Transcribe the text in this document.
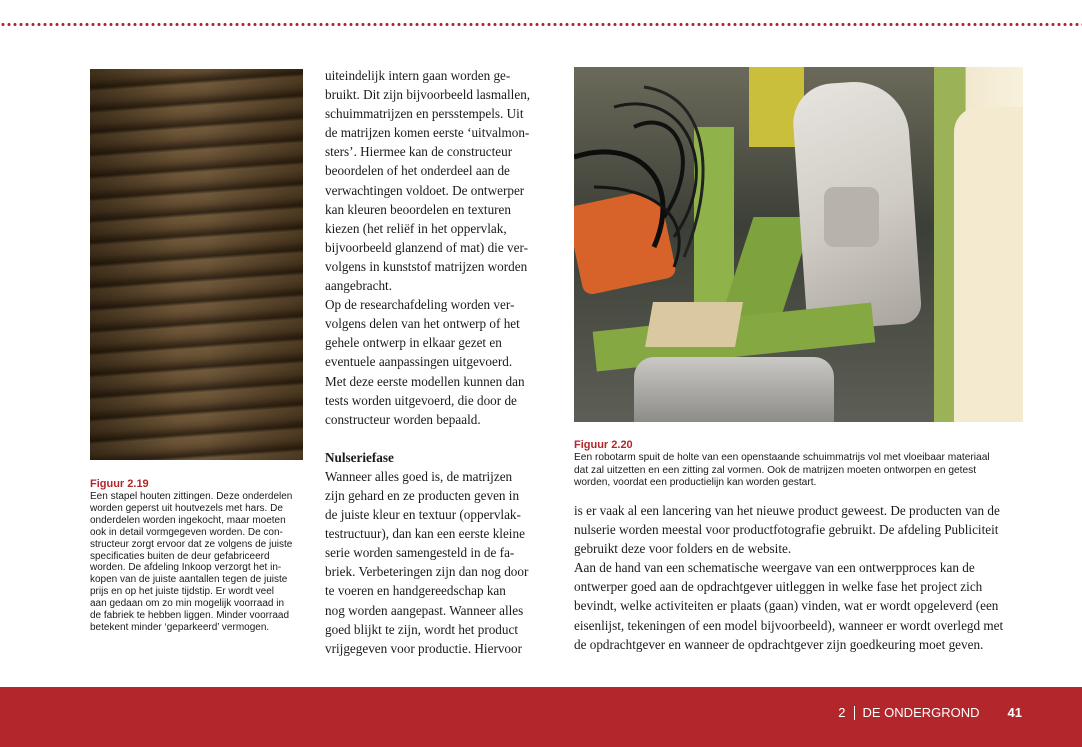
Figuur 2.19
Een stapel houten zittingen. Deze onderdelen
worden geperst uit houtvezels met hars. De
onderdelen worden ingekocht, maar moeten
ook in detail vormgegeven worden. De con-
structeur zorgt ervoor dat ze volgens de juiste
specificaties buiten de deur gefabriceerd
worden. De afdeling Inkoop verzorgt het in-
kopen van de juiste aantallen tegen de juiste
prijs en op het juiste tijdstip. Er wordt veel
aan gedaan om zo min mogelijk voorraad in
de fabriek te hebben liggen. Minder voorraad
betekent minder ‘geparkeerd’ vermogen.

uiteindelijk intern gaan worden ge-
bruikt. Dit zijn bijvoorbeeld lasmallen,
schuimmatrijzen en persstempels. Uit
de matrijzen komen eerste ‘uitvalmon-
sters’. Hiermee kan de constructeur
beoordelen of het onderdeel aan de
verwachtingen voldoet. De ontwerper
kan kleuren beoordelen en texturen
kiezen (het reliëf in het oppervlak,
bijvoorbeeld glanzend of mat) die ver-
volgens in kunststof matrijzen worden
aangebracht.

Op de researchafdeling worden ver-
volgens delen van het ontwerp of het
gehele ontwerp in elkaar gezet en
eventuele aanpassingen uitgevoerd.
Met deze eerste modellen kunnen dan
tests worden uitgevoerd, die door de
constructeur worden bepaald.

Nulseriefase

Wanneer alles goed is, de matrijzen
zijn gehard en ze producten geven in
de juiste kleur en textuur (oppervlak-
testructuur), dan kan een eerste kleine
serie worden samengesteld in de fa-
briek. Verbeteringen zijn dan nog door
te voeren en handgereedschap kan
nog worden aangepast. Wanneer alles
goed blijkt te zijn, wordt het product
vrijgegeven voor productie. Hiervoor

Figuur 2.20
Een robotarm spuit de holte van een openstaande schuimmatrijs vol met vloeibaar materiaal
dat zal uitzetten en een zitting zal vormen. Ook de matrijzen moeten ontworpen en getest
worden, voordat een productielijn kan worden gestart.
is er vaak al een lancering van het nieuwe product geweest. De producten van de
nulserie worden meestal voor productfotografie gebruikt. De afdeling Publiciteit
gebruikt deze voor folders en de website.
Aan de hand van een schematische weergave van een ontwerpproces kan de
ontwerper goed aan de opdrachtgever uitleggen in welke fase het project zich
bevindt, welke activiteiten er plaats (gaan) vinden, wat er wordt opgeleverd (een
eisenlijst, tekeningen of een model bijvoorbeeld), wanneer er wordt overlegd met
de opdrachtgever en wanneer de opdrachtgever zijn goedkeuring moet geven.
2 DE ONDERGROND 41
